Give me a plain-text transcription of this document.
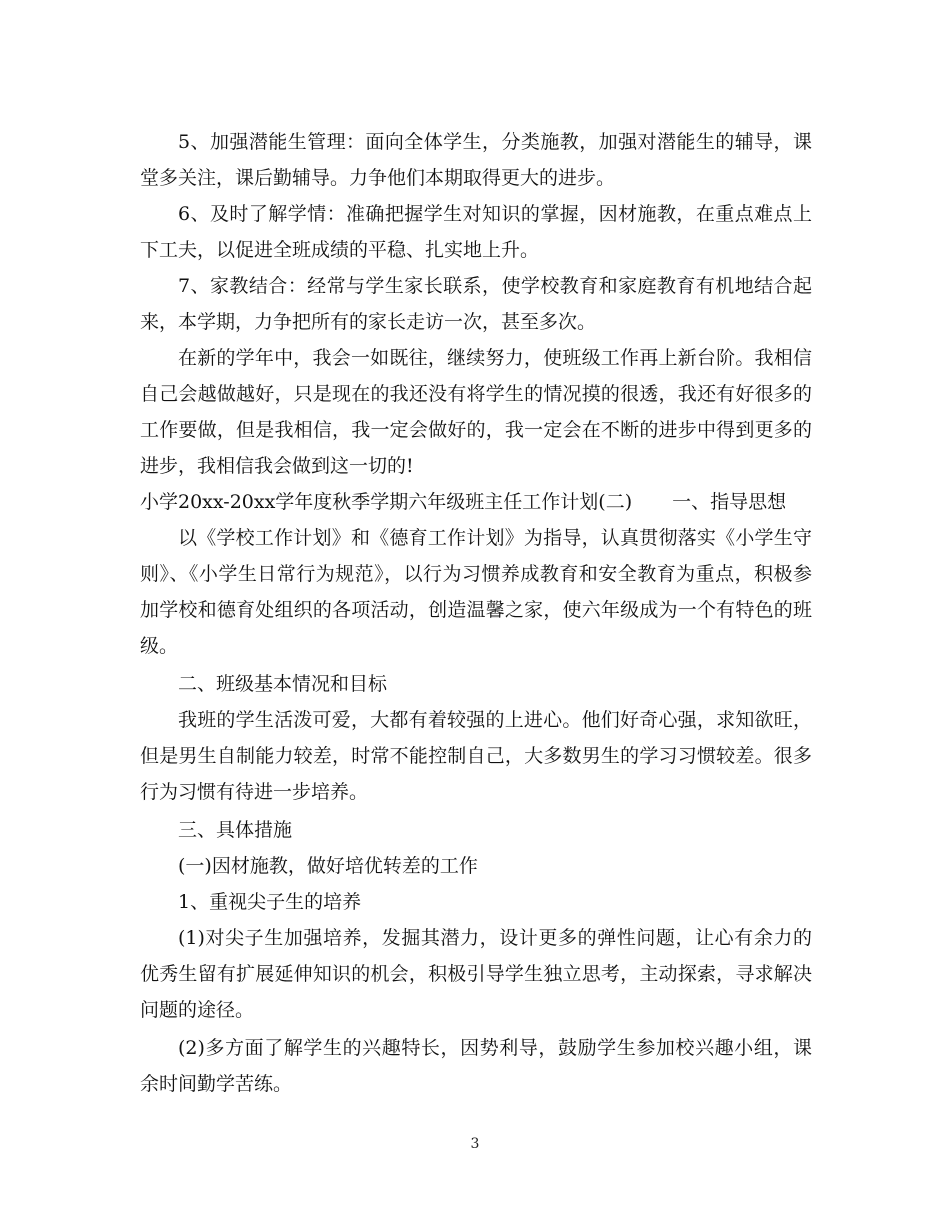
5、加强潜能生管理：面向全体学生，分类施教，加强对潜能生的辅导，课堂多关注，课后勤辅导。力争他们本期取得更大的进步。

6、及时了解学情：准确把握学生对知识的掌握，因材施教，在重点难点上下工夫，以促进全班成绩的平稳、扎实地上升。

7、家教结合：经常与学生家长联系，使学校教育和家庭教育有机地结合起来，本学期，力争把所有的家长走访一次，甚至多次。

在新的学年中，我会一如既往，继续努力，使班级工作再上新台阶。我相信自己会越做越好，只是现在的我还没有将学生的情况摸的很透，我还有好很多的工作要做，但是我相信，我一定会做好的，我一定会在不断的进步中得到更多的进步，我相信我会做到这一切的!

小学20xx-20xx学年度秋季学期六年级班主任工作计划(二) 一、指导思想

以《学校工作计划》和《德育工作计划》为指导，认真贯彻落实《小学生守则》、《小学生日常行为规范》，以行为习惯养成教育和安全教育为重点，积极参加学校和德育处组织的各项活动，创造温馨之家，使六年级成为一个有特色的班级。

二、班级基本情况和目标

我班的学生活泼可爱，大都有着较强的上进心。他们好奇心强，求知欲旺，但是男生自制能力较差，时常不能控制自己，大多数男生的学习习惯较差。很多行为习惯有待进一步培养。

三、具体措施

(一)因材施教，做好培优转差的工作

1、重视尖子生的培养

(1)对尖子生加强培养，发掘其潜力，设计更多的弹性问题，让心有余力的优秀生留有扩展延伸知识的机会，积极引导学生独立思考，主动探索，寻求解决问题的途径。

(2)多方面了解学生的兴趣特长，因势利导，鼓励学生参加校兴趣小组，课余时间勤学苦练。

3
